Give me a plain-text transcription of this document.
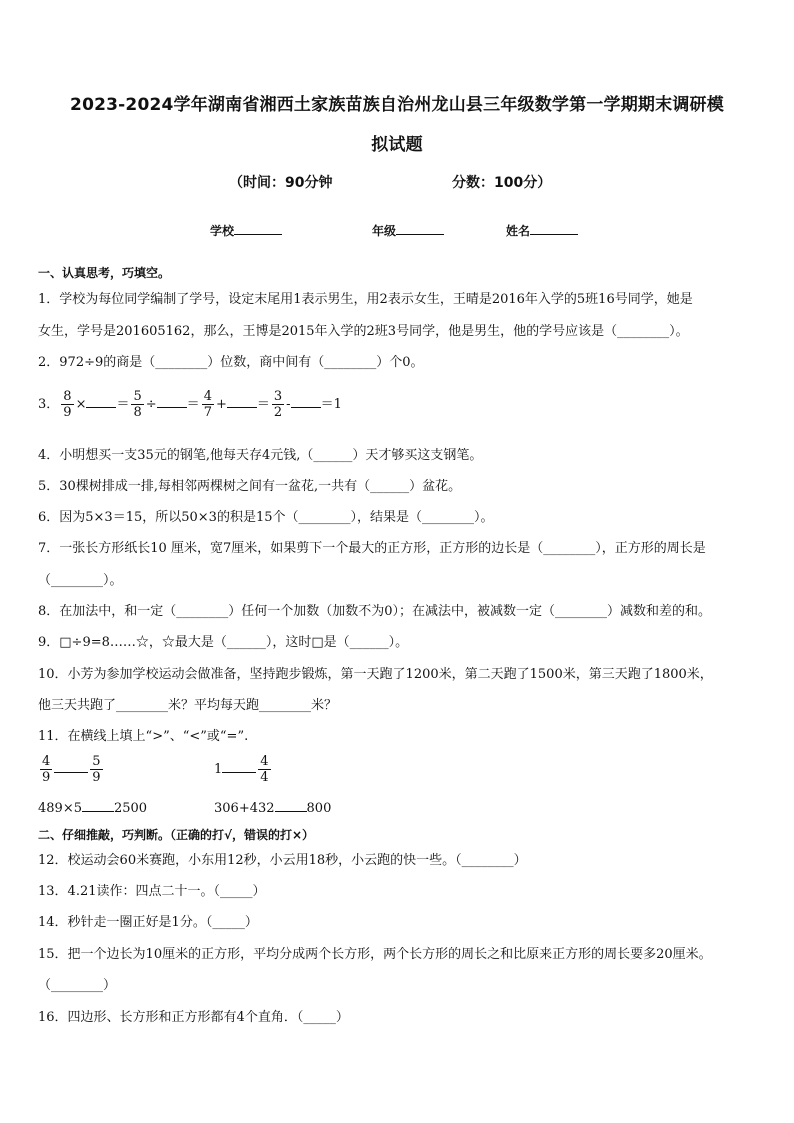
2023-2024学年湖南省湘西土家族苗族自治州龙山县三年级数学第一学期期末调研模
拟试题
（时间：90分钟	分数：100分）
学校	年级	姓名
一、认真思考，巧填空。
1．学校为每位同学编制了学号，设定末尾用1表示男生，用2表示女生，王晴是2016年入学的5班16号同学，她是
女生，学号是201605162，那么，王博是2015年入学的2班3号同学，他是男生，他的学号应该是（________）。
2．972÷9的商是（________）位数，商中间有（________）个0。
3． $\frac{8}{9}$ × ＝ $\frac{5}{8}$ ÷ ＝ $\frac{4}{7}$ + ＝ $\frac{3}{2} - =1$
4．小明想买一支35元的钢笔,他每天存4元钱,（______）天才够买这支钢笔。
5．30棵树排成一排,每相邻两棵树之间有一盆花,一共有（______）盆花。
6．因为5×3＝15，所以50×3的积是15个（________），结果是（________）。
7．一张长方形纸长10 厘米，宽7厘米，如果剪下一个最大的正方形，正方形的边长是（________），正方形的周长是
（________）。
8．在加法中，和一定（________）任何一个加数（加数不为0）；在减法中，被减数一定（________）减数和差的和。
9．□÷9=8……☆，☆最大是（______），这时□是（______）。
10．小芳为参加学校运动会做准备，坚持跑步锻炼，第一天跑了1200米，第二天跑了1500米，第三天跑了1800米，
他三天共跑了________米？平均每天跑________米？
11．在横线上填上“>”、“<”或“=”.
$\frac{4}{9}$	$\frac{5}{9}$	1	$\frac{4}{4}$
489×5 2500	306+432 800
二、仔细推敲，巧判断。（正确的打√，错误的打×）
12．校运动会60米赛跑，小东用12秒，小云用18秒，小云跑的快一些。（________）
13．4.21读作：四点二十一。（_____）
14．秒针走一圈正好是1分。（_____）
15．把一个边长为10厘米的正方形，平均分成两个长方形，两个长方形的周长之和比原来正方形的周长要多20厘米。
（________）
16．四边形、长方形和正方形都有4个直角．（_____）
